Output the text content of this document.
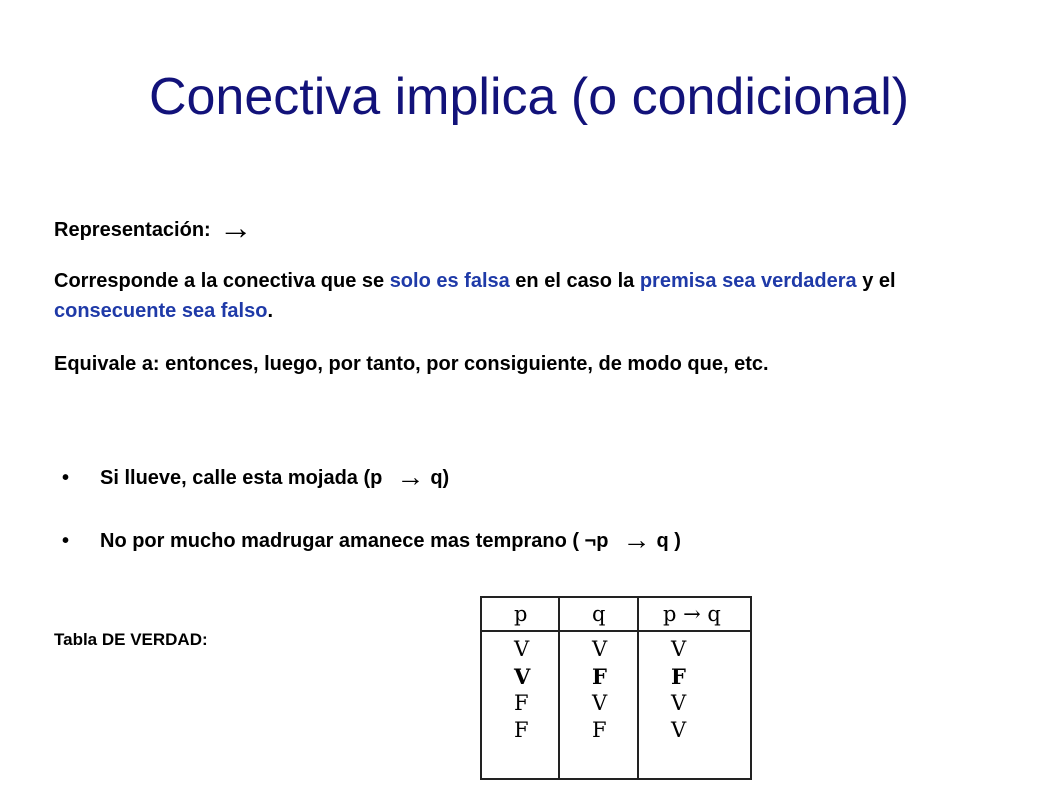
Conectiva implica (o condicional)
Representación: →
Corresponde a la conectiva que se solo es falsa en el caso la premisa sea verdadera y el consecuente sea falso.
Equivale a: entonces, luego, por tanto, por consiguiente, de modo que, etc.
• Si llueve, calle esta mojada (p → q)
• No por mucho madrugar amanece mas temprano ( ¬p → q )
Tabla DE VERDAD:
p
V
V
F
F
q
V
F
V
F
p → q
V
F
V
V
